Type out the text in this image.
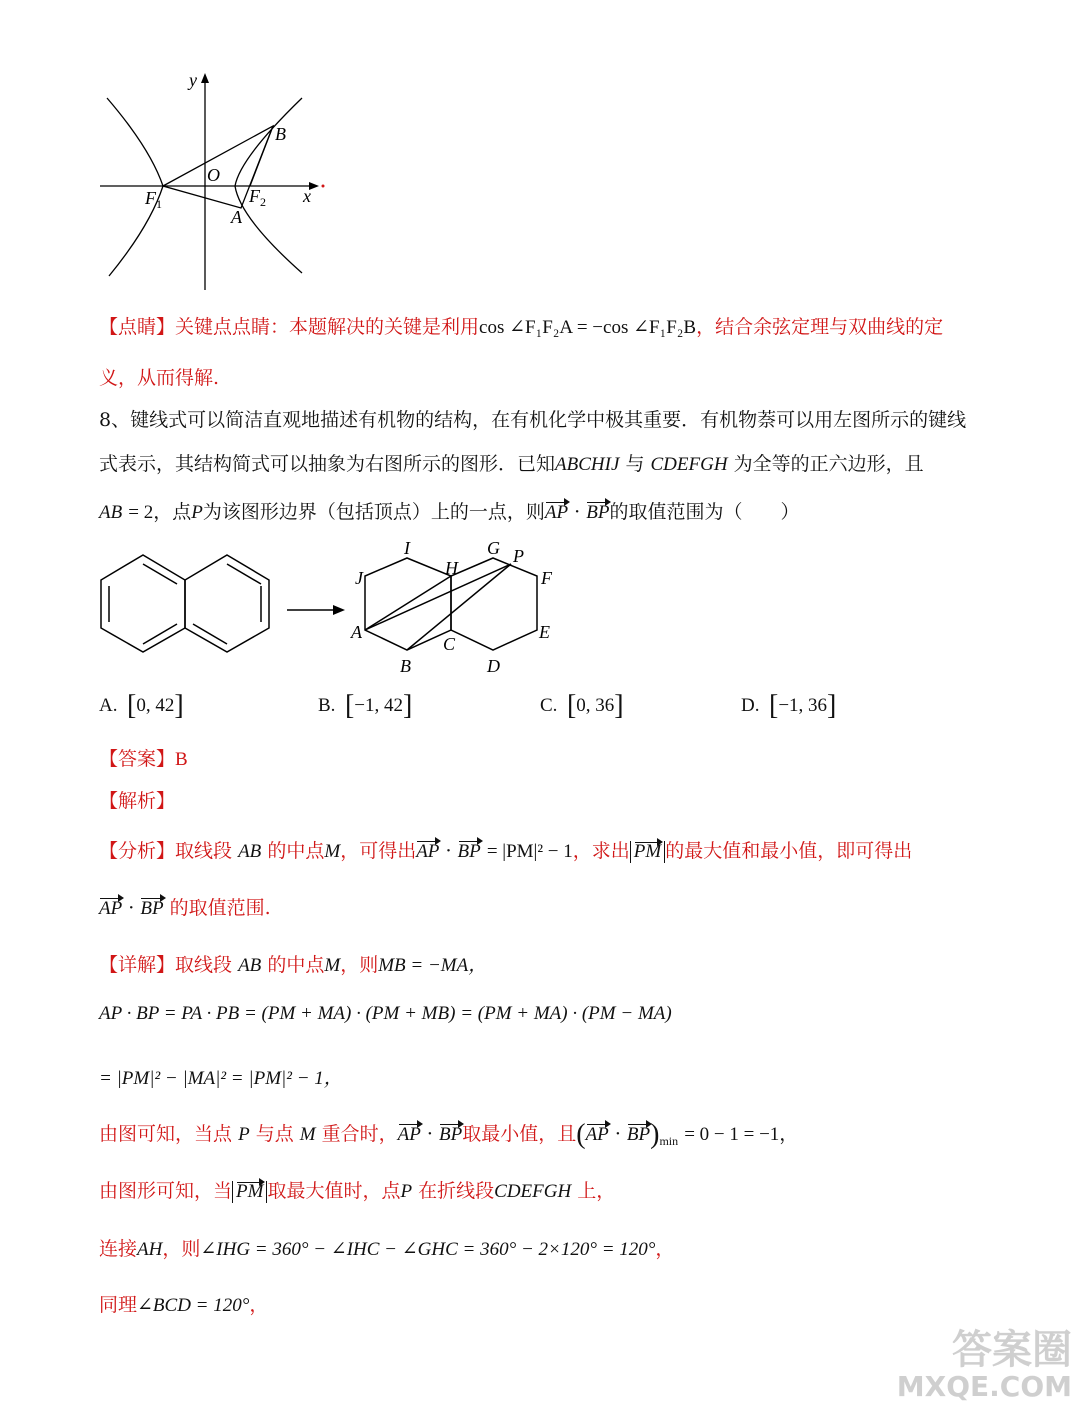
y
x
O
B
A
$F_1$	$F_2$
【点睛】关键点点睛：本题解决的关键是利用cos ∠F₁F₂A = −cos ∠F₁F₂B，结合余弦定理与双曲线的定
义，从而得解.
8、键线式可以简洁直观地描述有机物的结构，在有机化学中极其重要．有机物萘可以用左图所示的键线
式表示，其结构简式可以抽象为右图所示的图形．已知ABCHIJ 与 CDEFGH 为全等的正六边形，且
AB = 2，点P为该图形边界（包括顶点）上的一点，则AP · BP的取值范围为（　　）
I	G P
J	H	F
A
C
E
B	D
A. [0, 42]	B. [−1, 42]	C. [0, 36]	D. [−1, 36]
【答案】B
【解析】
【分析】取线段 AB 的中点M，可得出AP · BP = |PM|² − 1，求出 PM 的最大值和最小值，即可得出
AP · BP 的取值范围.
【详解】取线段 AB 的中点M，则MB = −MA，
AP · BP = PA · PB = (PM + MA) · (PM + MB) = (PM + MA) · (PM − MA)
= |PM|² − |MA|² = |PM|² − 1，
由图可知，当点 P 与点 M 重合时，AP · BP取最小值，且$(AP \cdot BP)_{min} = 0 - 1 = -1$，
由图形可知，当 PM 取最大值时，点P 在折线段CDEFGH 上，
连接AH，则∠IHG = 360° − ∠IHC − ∠GHC = 360° − 2×120° = 120°，
同理∠BCD = 120°，
答案圈
MXQE.COM
